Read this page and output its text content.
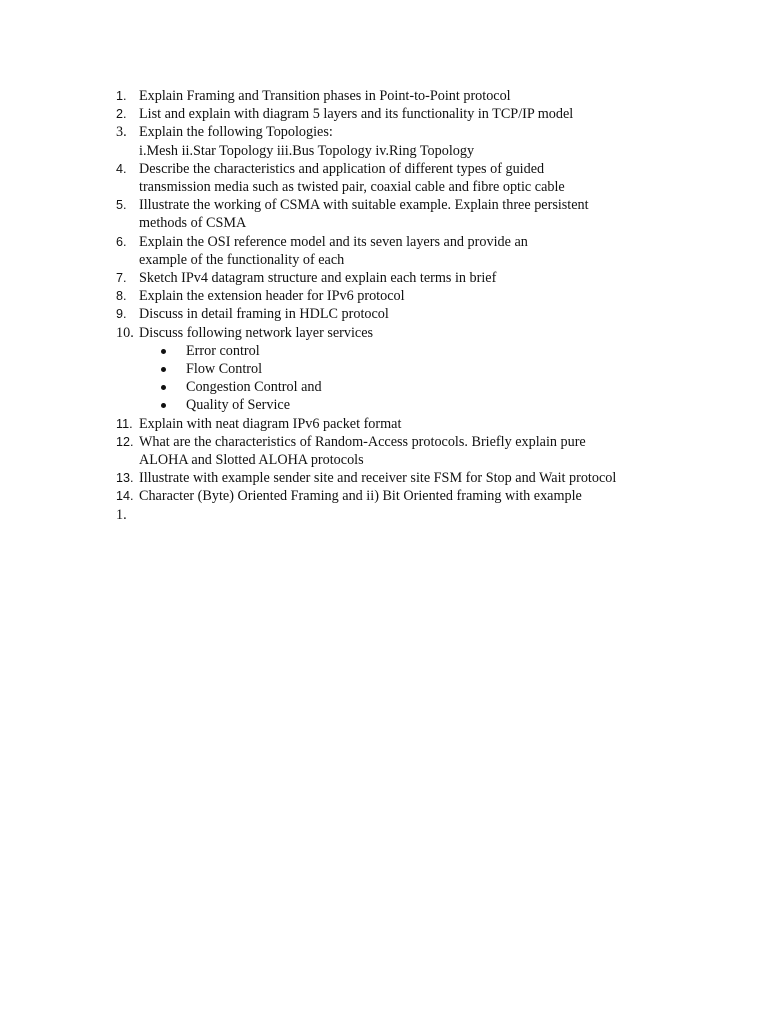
1. Explain Framing and Transition phases in Point-to-Point protocol
2. List and explain with diagram 5 layers and its functionality in TCP/IP model
3. Explain the following Topologies:
i.Mesh ii.Star Topology iii.Bus Topology iv.Ring Topology
4. Describe the characteristics and application of different types of guided
transmission media such as twisted pair, coaxial cable and fibre optic cable
5. Illustrate the working of CSMA with suitable example. Explain three persistent
methods of CSMA
6. Explain the OSI reference model and its seven layers and provide an
example of the functionality of each
7. Sketch IPv4 datagram structure and explain each terms in brief
8. Explain the extension header for IPv6 protocol
9. Discuss in detail framing in HDLC protocol
10. Discuss following network layer services
Error control
Flow Control
Congestion Control and
Quality of Service
11. Explain with neat diagram IPv6 packet format
12. What are the characteristics of Random-Access protocols. Briefly explain pure
ALOHA and Slotted ALOHA protocols
13. Illustrate with example sender site and receiver site FSM for Stop and Wait protocol
14. Character (Byte) Oriented Framing and ii) Bit Oriented framing with example
1.
